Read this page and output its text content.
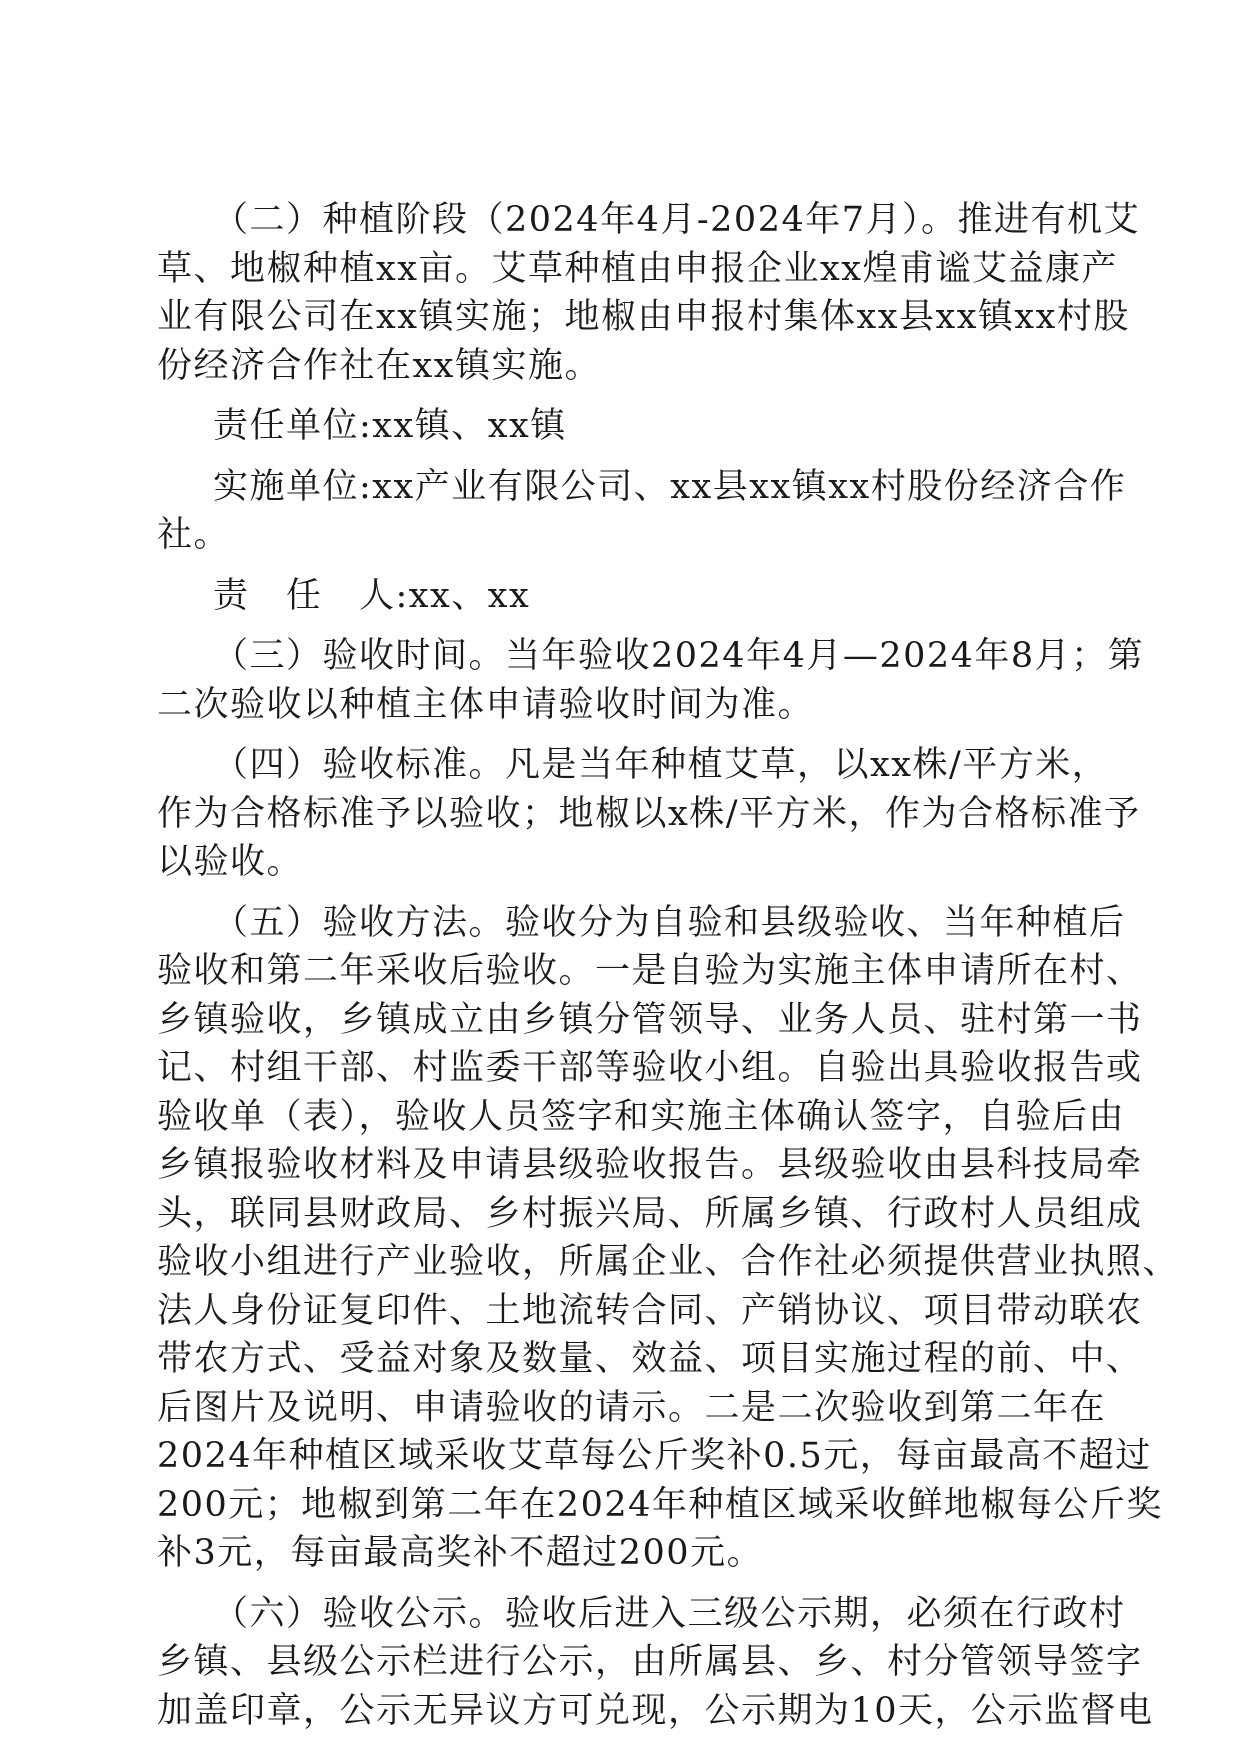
（二）种植阶段（2024年4月-2024年7月）。推进有机艾
草、地椒种植xx亩。艾草种植由申报企业xx煌甫谧艾益康产
业有限公司在xx镇实施；地椒由申报村集体xx县xx镇xx村股
份经济合作社在xx镇实施。
责任单位:xx镇、xx镇
实施单位:xx产业有限公司、xx县xx镇xx村股份经济合作
社。
责　任　人:xx、xx
（三）验收时间。当年验收2024年4月—2024年8月；第
二次验收以种植主体申请验收时间为准。
（四）验收标准。凡是当年种植艾草，以xx株/平方米，
作为合格标准予以验收；地椒以x株/平方米，作为合格标准予
以验收。
（五）验收方法。验收分为自验和县级验收、当年种植后
验收和第二年采收后验收。一是自验为实施主体申请所在村、
乡镇验收，乡镇成立由乡镇分管领导、业务人员、驻村第一书
记、村组干部、村监委干部等验收小组。自验出具验收报告或
验收单（表），验收人员签字和实施主体确认签字，自验后由
乡镇报验收材料及申请县级验收报告。县级验收由县科技局牵
头，联同县财政局、乡村振兴局、所属乡镇、行政村人员组成
验收小组进行产业验收，所属企业、合作社必须提供营业执照、
法人身份证复印件、土地流转合同、产销协议、项目带动联农
带农方式、受益对象及数量、效益、项目实施过程的前、中、
后图片及说明、申请验收的请示。二是二次验收到第二年在
2024年种植区域采收艾草每公斤奖补0.5元，每亩最高不超过
200元；地椒到第二年在2024年种植区域采收鲜地椒每公斤奖
补3元，每亩最高奖补不超过200元。
（六）验收公示。验收后进入三级公示期，必须在行政村
乡镇、县级公示栏进行公示，由所属县、乡、村分管领导签字
加盖印章，公示无异议方可兑现，公示期为10天，公示监督电
